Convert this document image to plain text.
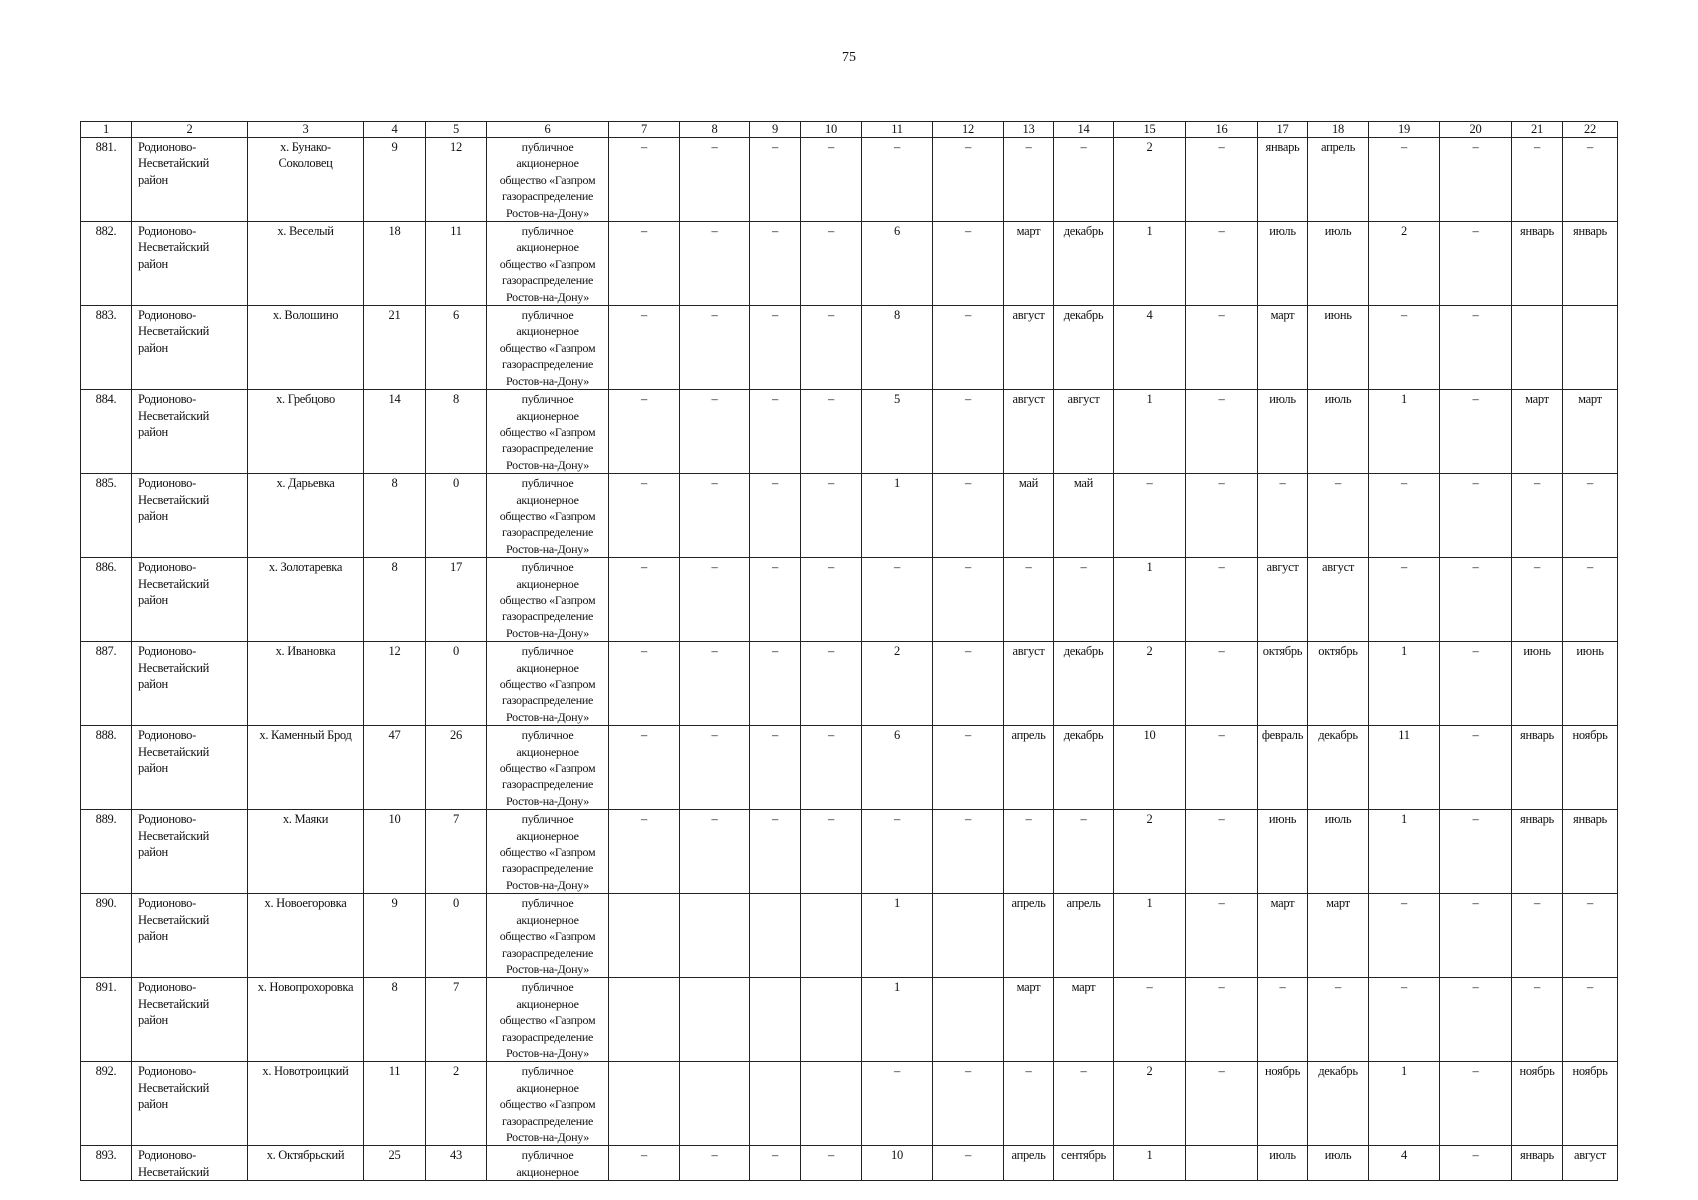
75
1	2	3	4	5	6	7	8	9	10	11	12	13	14	15	16	17	18	19	20	21	22
881.	Родионово-
Несветайский
район	х. Бунако-
Соколовец	9	12	публичное
акционерное
общество «Газпром
газораспределение
Ростов-на-Дону»	–	–	–	–	–	–	–	–	2	–	январь	апрель	–	–	–	–
882.	Родионово-
Несветайский
район	х. Веселый	18	11	публичное
акционерное
общество «Газпром
газораспределение
Ростов-на-Дону»	–	–	–	–	6	–	март	декабрь	1	–	июль	июль	2	–	январь	январь
883.	Родионово-
Несветайский
район	х. Волошино	21	6	публичное
акционерное
общество «Газпром
газораспределение
Ростов-на-Дону»	–	–	–	–	8	–	август	декабрь	4	–	март	июнь	–	–		
884.	Родионово-
Несветайский
район	х. Гребцово	14	8	публичное
акционерное
общество «Газпром
газораспределение
Ростов-на-Дону»	–	–	–	–	5	–	август	август	1	–	июль	июль	1	–	март	март
885.	Родионово-
Несветайский
район	х. Дарьевка	8	0	публичное
акционерное
общество «Газпром
газораспределение
Ростов-на-Дону»	–	–	–	–	1	–	май	май	–	–	–	–	–	–	–	–
886.	Родионово-
Несветайский
район	х. Золотаревка	8	17	публичное
акционерное
общество «Газпром
газораспределение
Ростов-на-Дону»	–	–	–	–	–	–	–	–	1	–	август	август	–	–	–	–
887.	Родионово-
Несветайский
район	х. Ивановка	12	0	публичное
акционерное
общество «Газпром
газораспределение
Ростов-на-Дону»	–	–	–	–	2	–	август	декабрь	2	–	октябрь	октябрь	1	–	июнь	июнь
888.	Родионово-
Несветайский
район	х. Каменный Брод	47	26	публичное
акционерное
общество «Газпром
газораспределение
Ростов-на-Дону»	–	–	–	–	6	–	апрель	декабрь	10	–	февраль	декабрь	11	–	январь	ноябрь
889.	Родионово-
Несветайский
район	х. Маяки	10	7	публичное
акционерное
общество «Газпром
газораспределение
Ростов-на-Дону»	–	–	–	–	–	–	–	–	2	–	июнь	июль	1	–	январь	январь
890.	Родионово-
Несветайский
район	х. Новоегоровка	9	0	публичное
акционерное
общество «Газпром
газораспределение
Ростов-на-Дону»					1		апрель	апрель	1	–	март	март	–	–	–	–
891.	Родионово-
Несветайский
район	х. Новопрохоровка	8	7	публичное
акционерное
общество «Газпром
газораспределение
Ростов-на-Дону»					1		март	март	–	–	–	–	–	–	–	–
892.	Родионово-
Несветайский
район	х. Новотроицкий	11	2	публичное
акционерное
общество «Газпром
газораспределение
Ростов-на-Дону»					–	–	–	–	2	–	ноябрь	декабрь	1	–	ноябрь	ноябрь
893.	Родионово-
Несветайский	х. Октябрьский	25	43	публичное
акционерное	–	–	–	–	10	–	апрель	сентябрь	1		июль	июль	4	–	январь	август
